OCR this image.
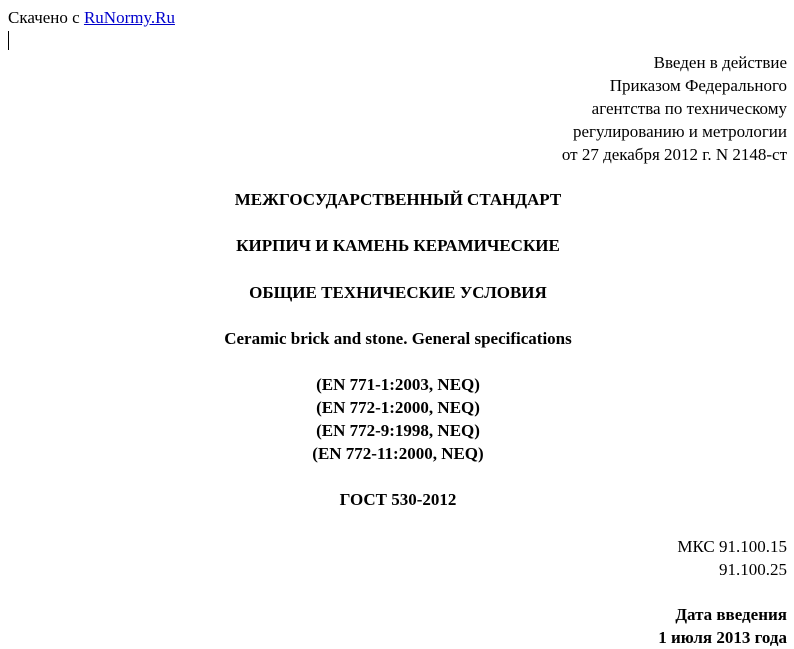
Скачено с RuNormy.Ru
Введен в действие
Приказом Федерального
агентства по техническому
регулированию и метрологии
от 27 декабря 2012 г. N 2148-ст
МЕЖГОСУДАРСТВЕННЫЙ СТАНДАРТ
КИРПИЧ И КАМЕНЬ КЕРАМИЧЕСКИЕ
ОБЩИЕ ТЕХНИЧЕСКИЕ УСЛОВИЯ
Ceramic brick and stone. General specifications
(EN 771-1:2003, NEQ)
(EN 772-1:2000, NEQ)
(EN 772-9:1998, NEQ)
(EN 772-11:2000, NEQ)
ГОСТ 530-2012
МКС 91.100.15
91.100.25
Дата введения
1 июля 2013 года
